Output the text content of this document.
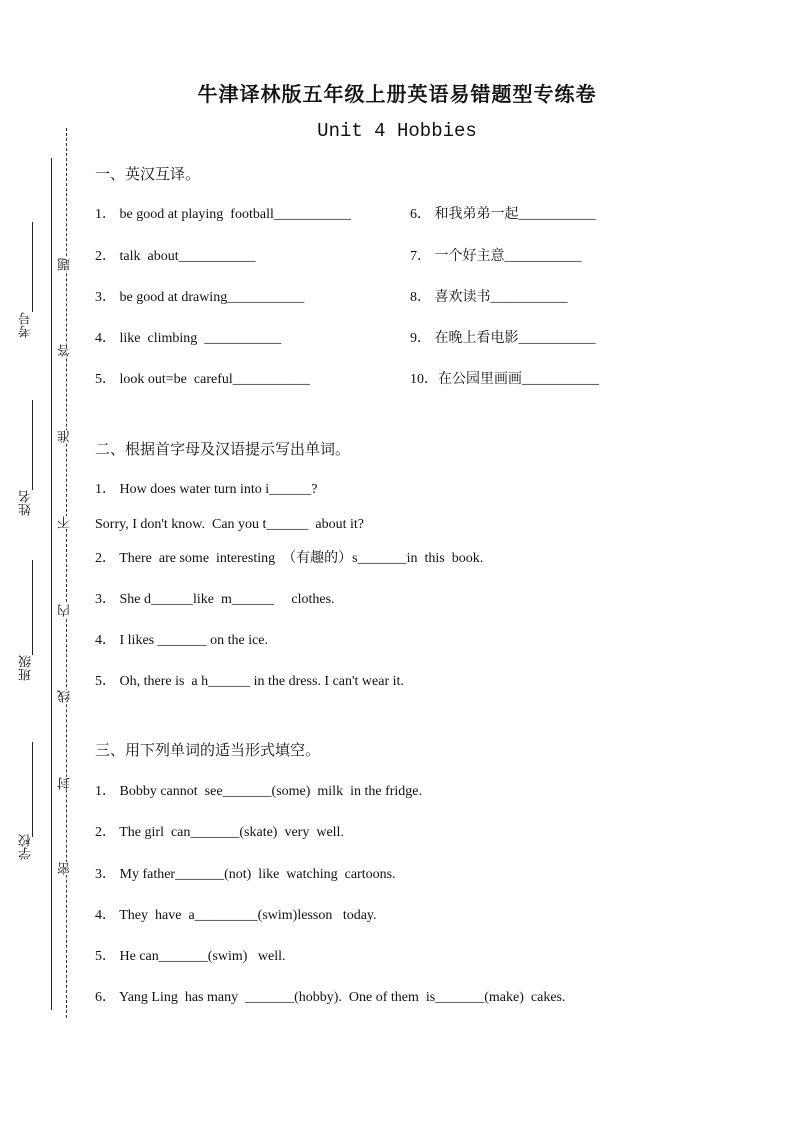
考号
姓名
班级
学校
题
答
准
不
内
线
封
密
牛津译林版五年级上册英语易错题型专练卷
Unit 4 Hobbies
一、英汉互译。
1． be good at playing  football___________	6． 和我弟弟一起___________
2． talk  about___________	7． 一个好主意___________
3． be good at drawing___________	8． 喜欢读书___________
4． like  climbing  ___________	9． 在晚上看电影___________
5． look out=be  careful___________	10．在公园里画画___________
二、根据首字母及汉语提示写出单词。
1． How does water turn into i______?
Sorry, I don't know.  Can you t______  about it?
2． There  are some  interesting  （有趣的）s_______in  this  book.
3． She d______like  m______     clothes.
4． I likes _______ on the ice.
5． Oh, there is  a h______ in the dress. I can't wear it.
三、用下列单词的适当形式填空。
1． Bobby cannot  see_______(some)  milk  in the fridge.
2． The girl  can_______(skate)  very  well.
3． My father_______(not)  like  watching  cartoons.
4． They  have  a_________(swim)lesson   today.
5． He can_______(swim)   well.
6． Yang Ling  has many  _______(hobby).  One of them  is_______(make)  cakes.
